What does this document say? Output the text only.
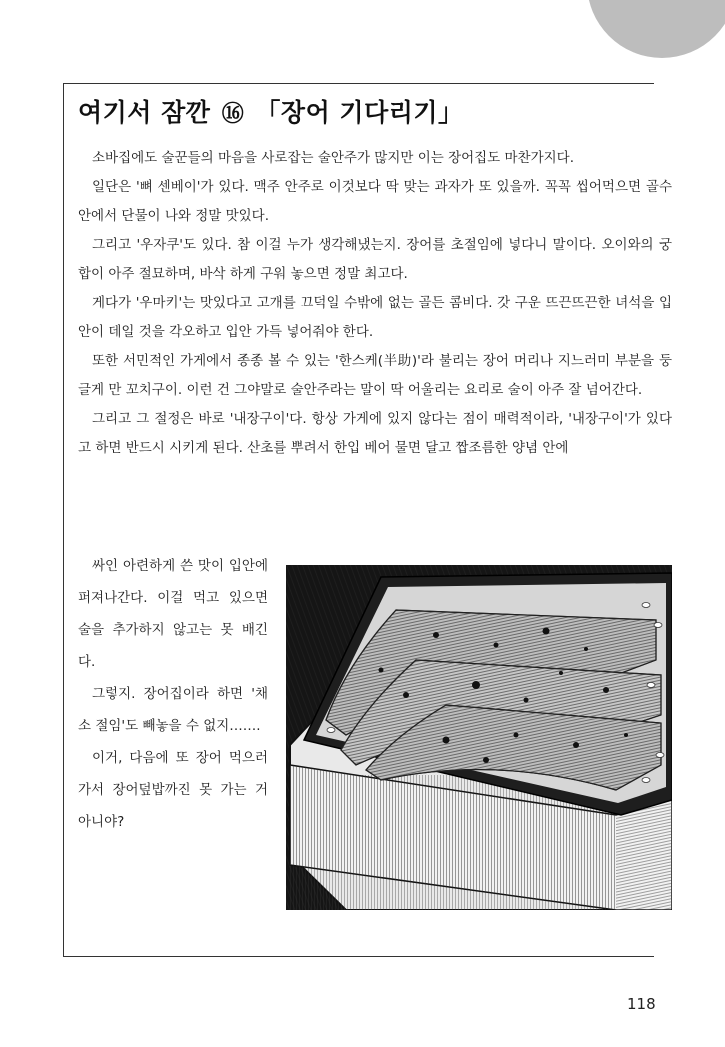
여기서 잠깐 ⑯ 「장어 기다리기」

소바집에도 술꾼들의 마음을 사로잡는 술안주가 많지만 이는 장어집도 마찬가지다.

일단은 '뼈 센베이'가 있다. 맥주 안주로 이것보다 딱 맞는 과자가 또 있을까. 꼭꼭 씹어먹으면 골수 안에서 단물이 나와 정말 맛있다.

그리고 '우자쿠'도 있다. 참 이걸 누가 생각해냈는지. 장어를 초절임에 넣다니 말이다. 오이와의 궁합이 아주 절묘하며, 바삭 하게 구워 놓으면 정말 최고다.

게다가 '우마키'는 맛있다고 고개를 끄덕일 수밖에 없는 골든 콤비다. 갓 구운 뜨끈뜨끈한 녀석을 입안이 데일 것을 각오하고 입안 가득 넣어줘야 한다.

또한 서민적인 가게에서 종종 볼 수 있는 '한스케(半助)'라 불리는 장어 머리나 지느러미 부분을 둥글게 만 꼬치구이. 이런 건 그야말로 술안주라는 말이 딱 어울리는 요리로 술이 아주 잘 넘어간다.

그리고 그 절정은 바로 '내장구이'다. 항상 가게에 있지 않다는 점이 매력적이라, '내장구이'가 있다고 하면 반드시 시키게 된다. 산초를 뿌려서 한입 베어 물면 달고 짭조름한 양념 안에

싸인 아련하게 쓴 맛이 입안에 퍼져나간다. 이걸 먹고 있으면 술을 추가하지 않고는 못 배긴다.

그렇지. 장어집이라 하면 '채소 절임'도 빼놓을 수 없지…….

이거, 다음에 또 장어 먹으러 가서 장어덮밥까진 못 가는 거 아니야?

118
